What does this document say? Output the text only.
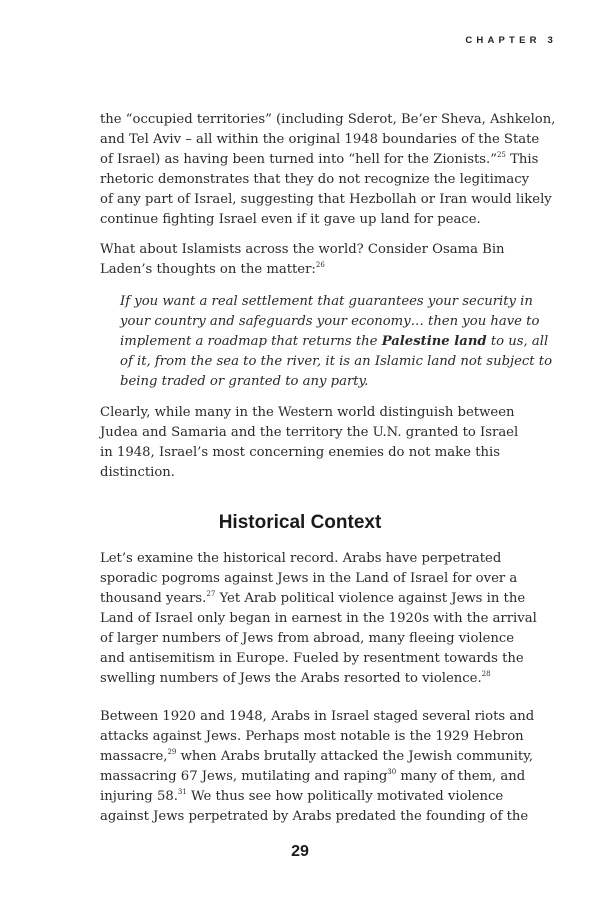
CHAPTER 3
the “occupied territories” (including Sderot, Be’er Sheva, Ashkelon,
and Tel Aviv – all within the original 1948 boundaries of the State
of Israel) as having been turned into “hell for the Zionists.”$^{25}$ This
rhetoric demonstrates that they do not recognize the legitimacy
of any part of Israel, suggesting that Hezbollah or Iran would likely
continue fighting Israel even if it gave up land for peace.
What about Islamists across the world? Consider Osama Bin
Laden’s thoughts on the matter:$^{26}$
If you want a real settlement that guarantees your security in
your country and safeguards your economy… then you have to
implement a roadmap that returns the Palestine land to us, all
of it, from the sea to the river, it is an Islamic land not subject to
being traded or granted to any party.
Clearly, while many in the Western world distinguish between
Judea and Samaria and the territory the U.N. granted to Israel
in 1948, Israel’s most concerning enemies do not make this
distinction.
Historical Context
Let’s examine the historical record. Arabs have perpetrated
sporadic pogroms against Jews in the Land of Israel for over a
thousand years.$^{27}$ Yet Arab political violence against Jews in the
Land of Israel only began in earnest in the 1920s with the arrival
of larger numbers of Jews from abroad, many fleeing violence
and antisemitism in Europe. Fueled by resentment towards the
swelling numbers of Jews the Arabs resorted to violence.$^{28}$
Between 1920 and 1948, Arabs in Israel staged several riots and
attacks against Jews. Perhaps most notable is the 1929 Hebron
massacre,$^{29}$ when Arabs brutally attacked the Jewish community,
massacring 67 Jews, mutilating and raping$^{30}$ many of them, and
injuring 58.31 We thus see how politically motivated violence
against Jews perpetrated by Arabs predated the founding of the
29
